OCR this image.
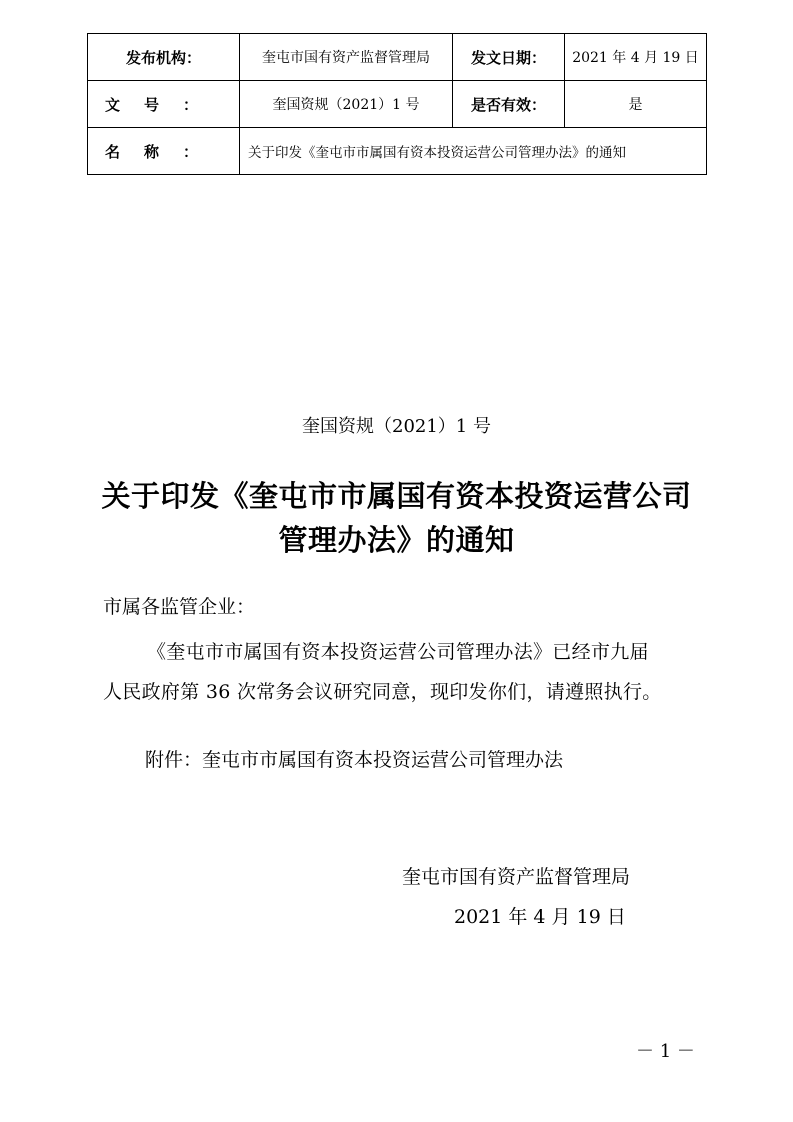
发布机构：	奎屯市国有资产监督管理局	发文日期：	2021 年 4 月 19 日
文号：	奎国资规（2021）1 号	是否有效：	是
名称：	关于印发《奎屯市市属国有资本投资运营公司管理办法》的通知		
奎国资规（2021）1 号
关于印发《奎屯市市属国有资本投资运营公司
管理办法》的通知
市属各监管企业：
《奎屯市市属国有资本投资运营公司管理办法》已经市九届
人民政府第 36 次常务会议研究同意，现印发你们，请遵照执行。
附件：奎屯市市属国有资本投资运营公司管理办法
奎屯市国有资产监督管理局
2021 年 4 月 19 日
－ 1 －
